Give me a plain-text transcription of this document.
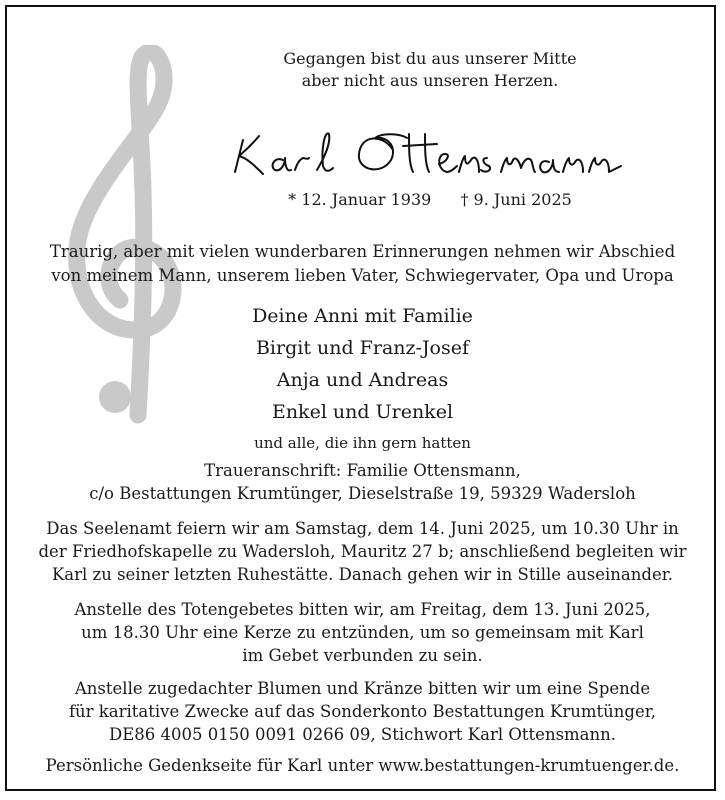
Gegangen bist du aus unserer Mitte
aber nicht aus unseren Herzen.
* 12. Januar 1939 † 9. Juni 2025
Traurig, aber mit vielen wunderbaren Erinnerungen nehmen wir Abschied
von meinem Mann, unserem lieben Vater, Schwiegervater, Opa und Uropa
Deine Anni mit Familie
Birgit und Franz-Josef
Anja und Andreas
Enkel und Urenkel
und alle, die ihn gern hatten
Traueranschrift: Familie Ottensmann,
c/o Bestattungen Krumtünger, Dieselstraße 19, 59329 Wadersloh
Das Seelenamt feiern wir am Samstag, dem 14. Juni 2025, um 10.30 Uhr in
der Friedhofskapelle zu Wadersloh, Mauritz 27 b; anschließend begleiten wir
Karl zu seiner letzten Ruhestätte. Danach gehen wir in Stille auseinander.
Anstelle des Totengebetes bitten wir, am Freitag, dem 13. Juni 2025,
um 18.30 Uhr eine Kerze zu entzünden, um so gemeinsam mit Karl
im Gebet verbunden zu sein.
Anstelle zugedachter Blumen und Kränze bitten wir um eine Spende
für karitative Zwecke auf das Sonderkonto Bestattungen Krumtünger,
DE86 4005 0150 0091 0266 09, Stichwort Karl Ottensmann.
Persönliche Gedenkseite für Karl unter www.bestattungen-krumtuenger.de.
